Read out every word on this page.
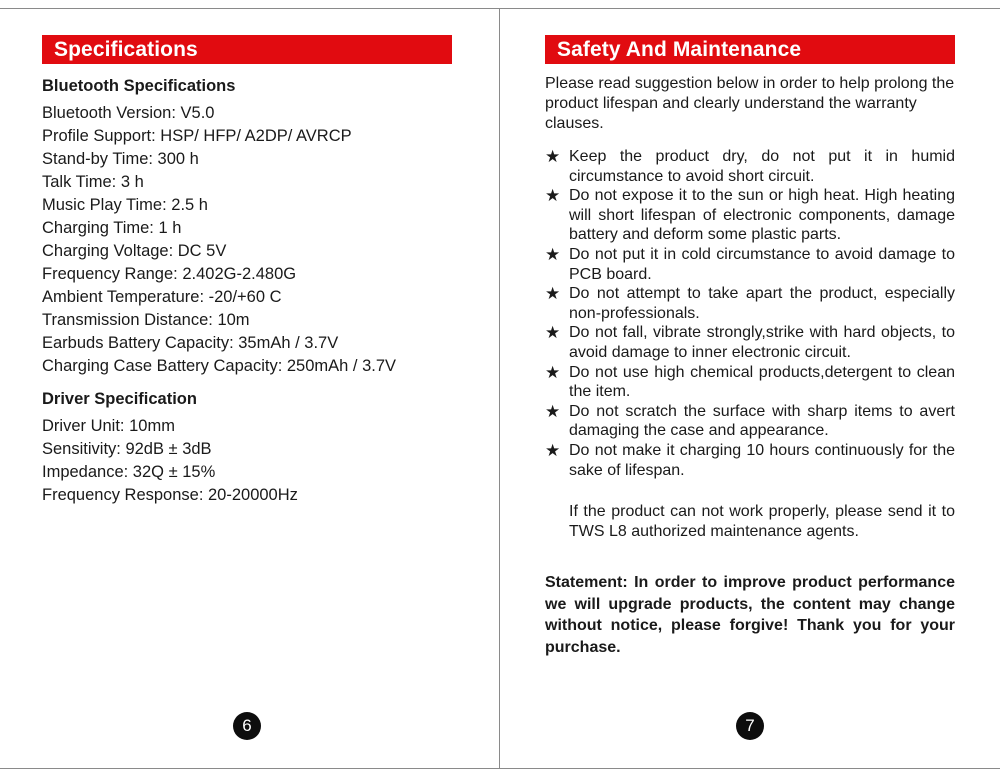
Specifications
Bluetooth Specifications
Bluetooth Version: V5.0
Profile Support: HSP/ HFP/ A2DP/ AVRCP
Stand-by Time: 300 h
Talk Time: 3 h
Music Play Time: 2.5 h
Charging Time: 1 h
Charging Voltage: DC 5V
Frequency Range: 2.402G-2.480G
Ambient Temperature: -20/+60 C
Transmission Distance: 10m
Earbuds Battery Capacity: 35mAh / 3.7V
Charging Case Battery Capacity: 250mAh / 3.7V
Driver Specification
Driver Unit: 10mm
Sensitivity: 92dB ± 3dB
Impedance: 32Q ± 15%
Frequency Response: 20-20000Hz
6
Safety And Maintenance
Please read suggestion below in order to help prolong the product lifespan and clearly understand the warranty clauses.
★ Keep the product dry, do not put it in humid circumstance to avoid short circuit.
★ Do not expose it to the sun or high heat. High heating will short lifespan of electronic components, damage battery and deform some plastic parts.
★ Do not put it in cold circumstance to avoid damage to PCB board.
★ Do not attempt to take apart the product, especially non-professionals.
★ Do not fall, vibrate strongly,strike with hard objects, to avoid damage to inner electronic circuit.
★ Do not use high chemical products,detergent to clean the item.
★ Do not scratch the surface with sharp items to avert damaging the case and appearance.
★ Do not make it charging 10 hours continuously for the sake of lifespan.
If the product can not work properly, please send it to TWS L8 authorized maintenance agents.
Statement: In order to improve product performance we will upgrade products, the content may change without notice, please forgive! Thank you for your purchase.
7
